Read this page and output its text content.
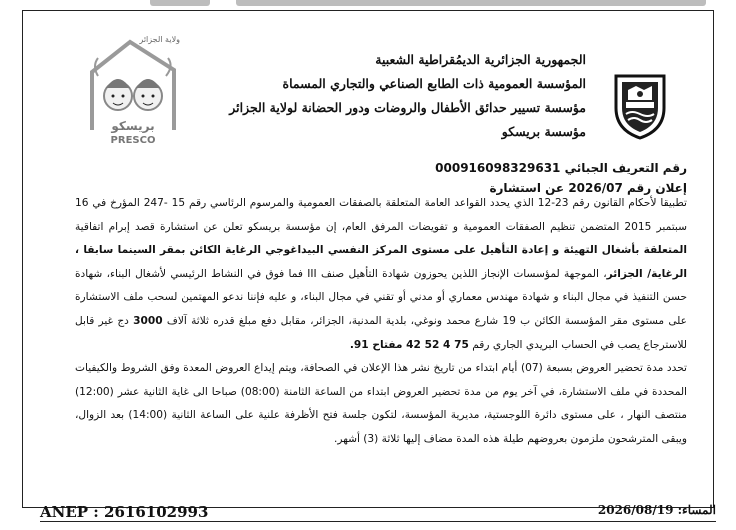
ولاية الجزائر
بريسكو
PRESCO
الجمهورية الجزائرية الديمُقراطية الشعبية
المؤسسة العمومية ذات الطابع الصناعي والتجاري المسماة
مؤسسة تسيير حدائق الأطفال والروضات ودور الحضانة لولاية الجزائر
مؤسسة بريسكو
رقم التعريف الجبائي 000916098329631
إعلان رقم 2026/07 عن استشارة

تطبيقا لأحكام القانون رقم 23-12 الذي يحدد القواعد العامة المتعلقة بالصفقات العمومية والمرسوم الرئاسي رقم 15 -247 المؤرخ في 16 سبتمبر 2015 المتضمن تنظيم الصفقات العمومية و تفويضات المرفق العام، إن مؤسسة بريسكو تعلن عن استشارة قصد إبرام اتفاقية المتعلقة بأشغال التهيئة و إعادة التأهيل على مستوى المركز النفسي البيداغوجي الرغاية الكائن بمقر السينما سابقا ، الرغاية/ الجزائر، الموجهة لمؤسسات الإنجاز اللذين يحوزون شهادة التأهيل صنف III فما فوق في النشاط الرئيسي لأشغال البناء، شهادة حسن التنفيذ في مجال البناء و شهادة مهندس معماري أو مدني أو تقني في مجال البناء، و عليه فإننا ندعو المهتمين لسحب ملف الاستشارة على مستوى مقر المؤسسة الكائن ب 19 شارع محمد ونوغي، بلدية المدنية، الجزائر، مقابل دفع مبلغ قدره ثلاثة آلاف 3000 دج غير قابل للاسترجاع يصب في الحساب البريدي الجاري رقم 75 4 52 42 مفتاح 91.

تحدد مدة تحضير العروض بسبعة (07) أيام ابتداء من تاريخ نشر هذا الإعلان في الصحافة، ويتم إيداع العروض المعدة وفق الشروط والكيفيات المحددة في ملف الاستشارة، في آخر يوم من مدة تحضير العروض ابتداء من الساعة الثامنة (08:00) صباحا الى غاية الثانية عشر (12:00) منتصف النهار ، على مستوى دائرة اللوجستية، مديرية المؤسسة، لتكون جلسة فتح الأظرفة علنية على الساعة الثانية (14:00) بعد الزوال، ويبقى المترشحون ملزمون بعروضهم طيلة هذه المدة مضاف إليها ثلاثة (3) أشهر.

ANEP : 2616102993	المساء: 2026/08/19
